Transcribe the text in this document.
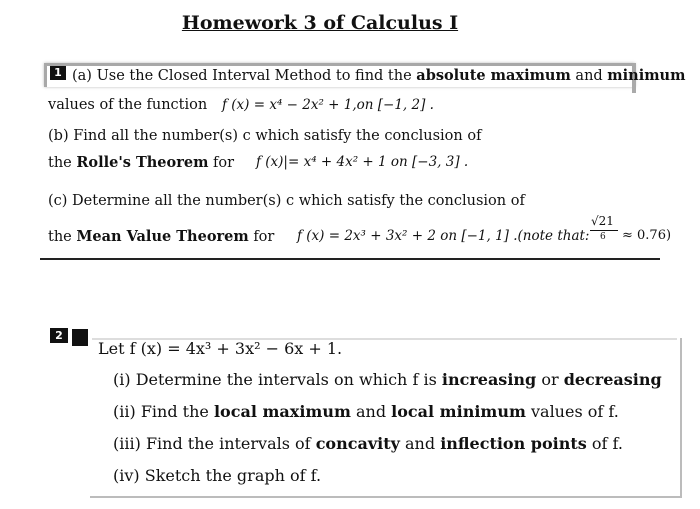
Homework 3 of Calculus I
1 (a) Use the Closed Interval Method to find the absolute maximum and minimum
values of the function f (x) = x⁴ − 2x² + 1,on [−1, 2] .
(b) Find all the number(s) c which satisfy the conclusion of
the Rolle's Theorem for f (x)|= x⁴ + 4x² + 1 on [−3, 3] .
(c) Determine all the number(s) c which satisfy the conclusion of
the Mean Value Theorem for f (x) = 2x³ + 3x² + 2 on [−1, 1] .(note that:
√21
6 ≈ 0.76)
2
Let f (x) = 4x³ + 3x² − 6x + 1.
(i) Determine the intervals on which f is increasing or decreasing
(ii) Find the local maximum and local minimum values of f.
(iii) Find the intervals of concavity and inflection points of f.
(iv) Sketch the graph of f.
